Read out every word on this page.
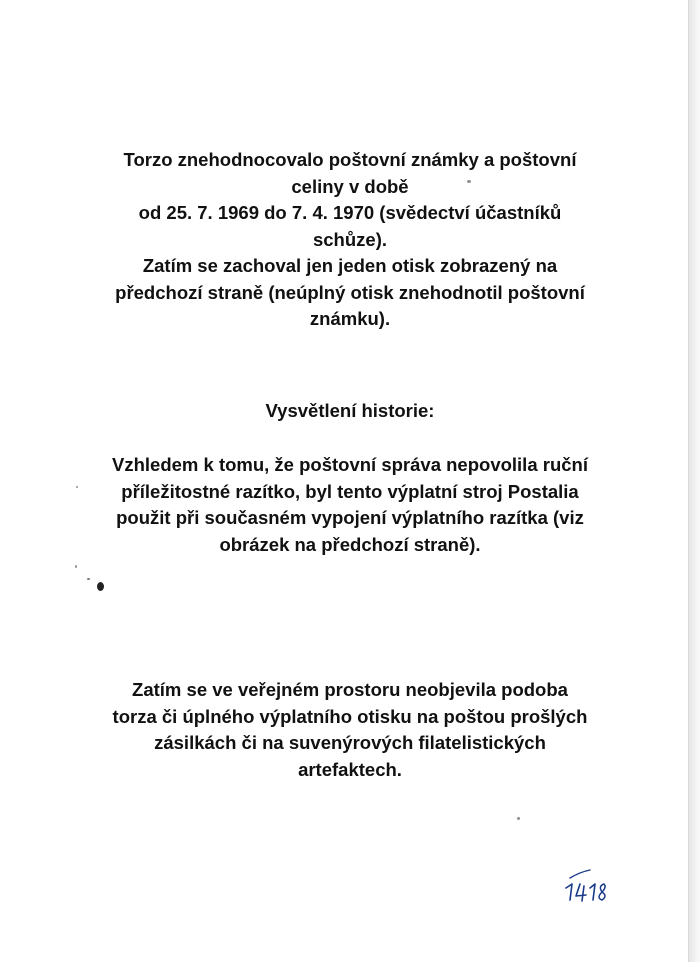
Torzo znehodnocovalo poštovní známky a poštovní
celiny v době
od 25. 7. 1969 do 7. 4. 1970 (svědectví účastníků
schůze).
Zatím se zachoval jen jeden otisk zobrazený na
předchozí straně (neúplný otisk znehodnotil poštovní
známku).
Vysvětlení historie:
Vzhledem k tomu, že poštovní správa nepovolila ruční
příležitostné razítko, byl tento výplatní stroj Postalia
použit při současném vypojení výplatního razítka (viz
obrázek na předchozí straně).
Zatím se ve veřejném prostoru neobjevila podoba
torza či úplného výplatního otisku na poštou prošlých
zásilkách či na suvenýrových filatelistických
artefaktech.
